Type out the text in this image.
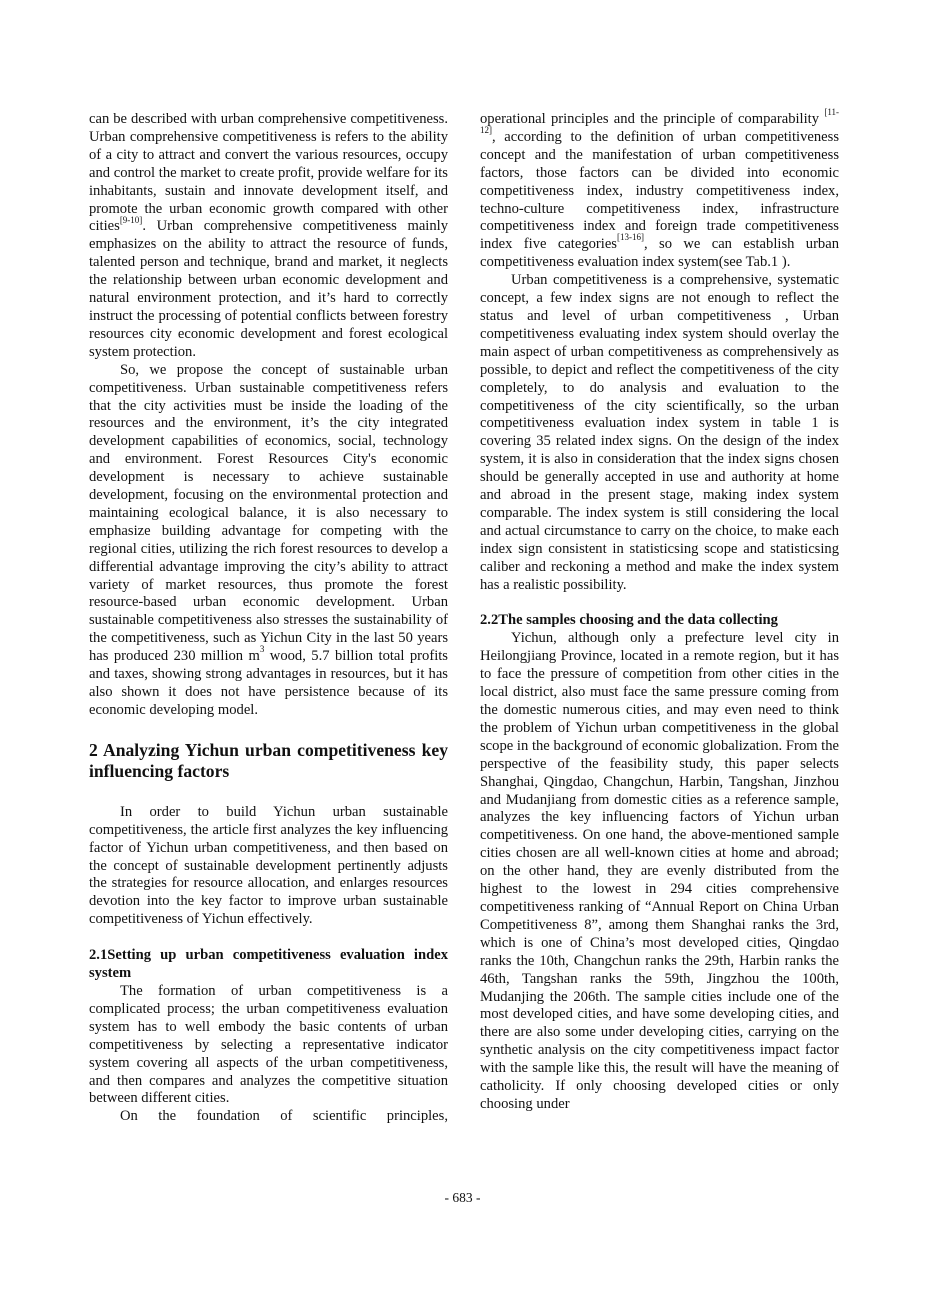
can be described with urban comprehensive competitiveness. Urban comprehensive competitiveness is refers to the ability of a city to attract and convert the various resources, occupy and control the market to create profit, provide welfare for its inhabitants, sustain and innovate development itself, and promote the urban economic growth compared with other cities[9-10]. Urban comprehensive competitiveness mainly emphasizes on the ability to attract the resource of funds, talented person and technique, brand and market, it neglects the relationship between urban economic development and natural environment protection, and it’s hard to correctly instruct the processing of potential conflicts between forestry resources city economic development and forest ecological system protection.

So, we propose the concept of sustainable urban competitiveness. Urban sustainable competitiveness refers that the city activities must be inside the loading of the resources and the environment, it’s the city integrated development capabilities of economics, social, technology and environment. Forest Resources City's economic development is necessary to achieve sustainable development, focusing on the environmental protection and maintaining ecological balance, it is also necessary to emphasize building advantage for competing with the regional cities, utilizing the rich forest resources to develop a differential advantage improving the city’s ability to attract variety of market resources, thus promote the forest resource-based urban economic development. Urban sustainable competitiveness also stresses the sustainability of the competitiveness, such as Yichun City in the last 50 years has produced 230 million $m^3$ wood, 5.7 billion total profits and taxes, showing strong advantages in resources, but it has also shown it does not have persistence because of its economic developing model.

2 Analyzing Yichun urban competitiveness key influencing factors

In order to build Yichun urban sustainable competitiveness, the article first analyzes the key influencing factor of Yichun urban competitiveness, and then based on the concept of sustainable development pertinently adjusts the strategies for resource allocation, and enlarges resources devotion into the key factor to improve urban sustainable competitiveness of Yichun effectively.

2.1Setting up urban competitiveness evaluation index system

The formation of urban competitiveness is a complicated process; the urban competitiveness evaluation system has to well embody the basic contents of urban competitiveness by selecting a representative indicator system covering all aspects of the urban competitiveness, and then compares and analyzes the competitive situation between different cities.

On the foundation of scientific principles,

operational principles and the principle of comparability [11-12], according to the definition of urban competitiveness concept and the manifestation of urban competitiveness factors, those factors can be divided into economic competitiveness index, industry competitiveness index, techno-culture competitiveness index, infrastructure competitiveness index and foreign trade competitiveness index five categories[13-16], so we can establish urban competitiveness evaluation index system(see Tab.1 ).

Urban competitiveness is a comprehensive, systematic concept, a few index signs are not enough to reflect the status and level of urban competitiveness , Urban competitiveness evaluating index system should overlay the main aspect of urban competitiveness as comprehensively as possible, to depict and reflect the competitiveness of the city completely, to do analysis and evaluation to the competitiveness of the city scientifically, so the urban competitiveness evaluation index system in table 1 is covering 35 related index signs. On the design of the index system, it is also in consideration that the index signs chosen should be generally accepted in use and authority at home and abroad in the present stage, making index system comparable. The index system is still considering the local and actual circumstance to carry on the choice, to make each index sign consistent in statisticsing scope and statisticsing caliber and reckoning a method and make the index system has a realistic possibility.

2.2The samples choosing and the data collecting

Yichun, although only a prefecture level city in Heilongjiang Province, located in a remote region, but it has to face the pressure of competition from other cities in the local district, also must face the same pressure coming from the domestic numerous cities, and may even need to think the problem of Yichun urban competitiveness in the global scope in the background of economic globalization. From the perspective of the feasibility study, this paper selects Shanghai, Qingdao, Changchun, Harbin, Tangshan, Jinzhou and Mudanjiang from domestic cities as a reference sample, analyzes the key influencing factors of Yichun urban competitiveness. On one hand, the above-mentioned sample cities chosen are all well-known cities at home and abroad; on the other hand, they are evenly distributed from the highest to the lowest in 294 cities comprehensive competitiveness ranking of “Annual Report on China Urban Competitiveness 8”, among them Shanghai ranks the 3rd, which is one of China’s most developed cities, Qingdao ranks the 10th, Changchun ranks the 29th, Harbin ranks the 46th, Tangshan ranks the 59th, Jingzhou the 100th, Mudanjing the 206th. The sample cities include one of the most developed cities, and have some developing cities, and there are also some under developing cities, carrying on the synthetic analysis on the city competitiveness impact factor with the sample like this, the result will have the meaning of catholicity. If only choosing developed cities or only choosing under

- 683 -
